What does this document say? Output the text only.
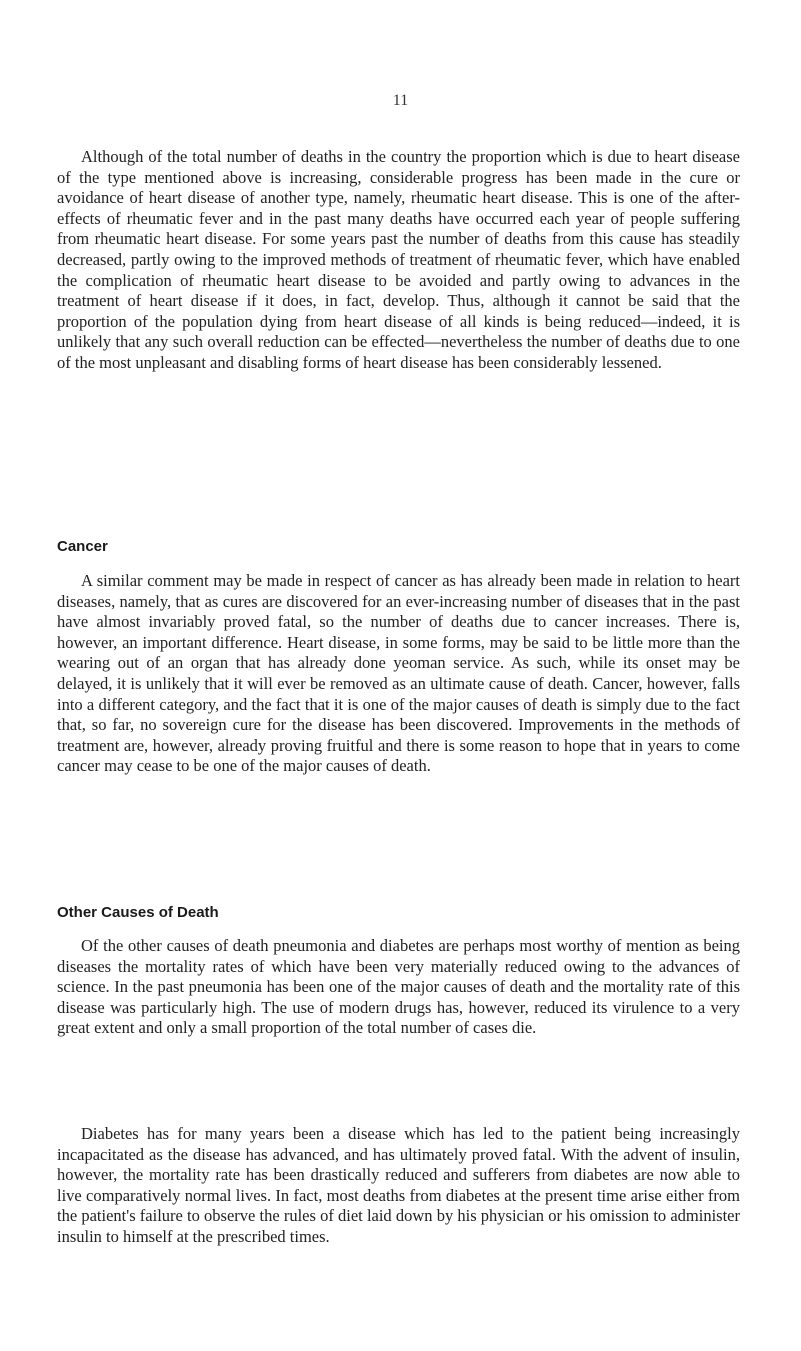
11

Although of the total number of deaths in the country the proportion which is due to heart disease of the type mentioned above is increasing, considerable progress has been made in the cure or avoidance of heart disease of another type, namely, rheumatic heart disease. This is one of the after-effects of rheumatic fever and in the past many deaths have occurred each year of people suffering from rheumatic heart disease. For some years past the number of deaths from this cause has steadily decreased, partly owing to the improved methods of treatment of rheumatic fever, which have enabled the complication of rheumatic heart disease to be avoided and partly owing to advances in the treatment of heart disease if it does, in fact, develop. Thus, although it cannot be said that the proportion of the population dying from heart disease of all kinds is being reduced—indeed, it is unlikely that any such overall reduction can be effected—nevertheless the number of deaths due to one of the most unpleasant and disabling forms of heart disease has been considerably lessened.

Cancer

A similar comment may be made in respect of cancer as has already been made in relation to heart diseases, namely, that as cures are discovered for an ever-increasing number of diseases that in the past have almost invariably proved fatal, so the number of deaths due to cancer increases. There is, however, an important difference. Heart disease, in some forms, may be said to be little more than the wearing out of an organ that has already done yeoman service. As such, while its onset may be delayed, it is unlikely that it will ever be removed as an ultimate cause of death. Cancer, however, falls into a different category, and the fact that it is one of the major causes of death is simply due to the fact that, so far, no sovereign cure for the disease has been discovered. Improvements in the methods of treatment are, however, already proving fruitful and there is some reason to hope that in years to come cancer may cease to be one of the major causes of death.

Other Causes of Death

Of the other causes of death pneumonia and diabetes are perhaps most worthy of mention as being diseases the mortality rates of which have been very materially reduced owing to the advances of science. In the past pneumonia has been one of the major causes of death and the mortality rate of this disease was particularly high. The use of modern drugs has, however, reduced its virulence to a very great extent and only a small proportion of the total number of cases die.

Diabetes has for many years been a disease which has led to the patient being increasingly incapacitated as the disease has advanced, and has ultimately proved fatal. With the advent of insulin, however, the mortality rate has been drastically reduced and sufferers from diabetes are now able to live comparatively normal lives. In fact, most deaths from diabetes at the present time arise either from the patient's failure to observe the rules of diet laid down by his physician or his omission to administer insulin to himself at the prescribed times.
